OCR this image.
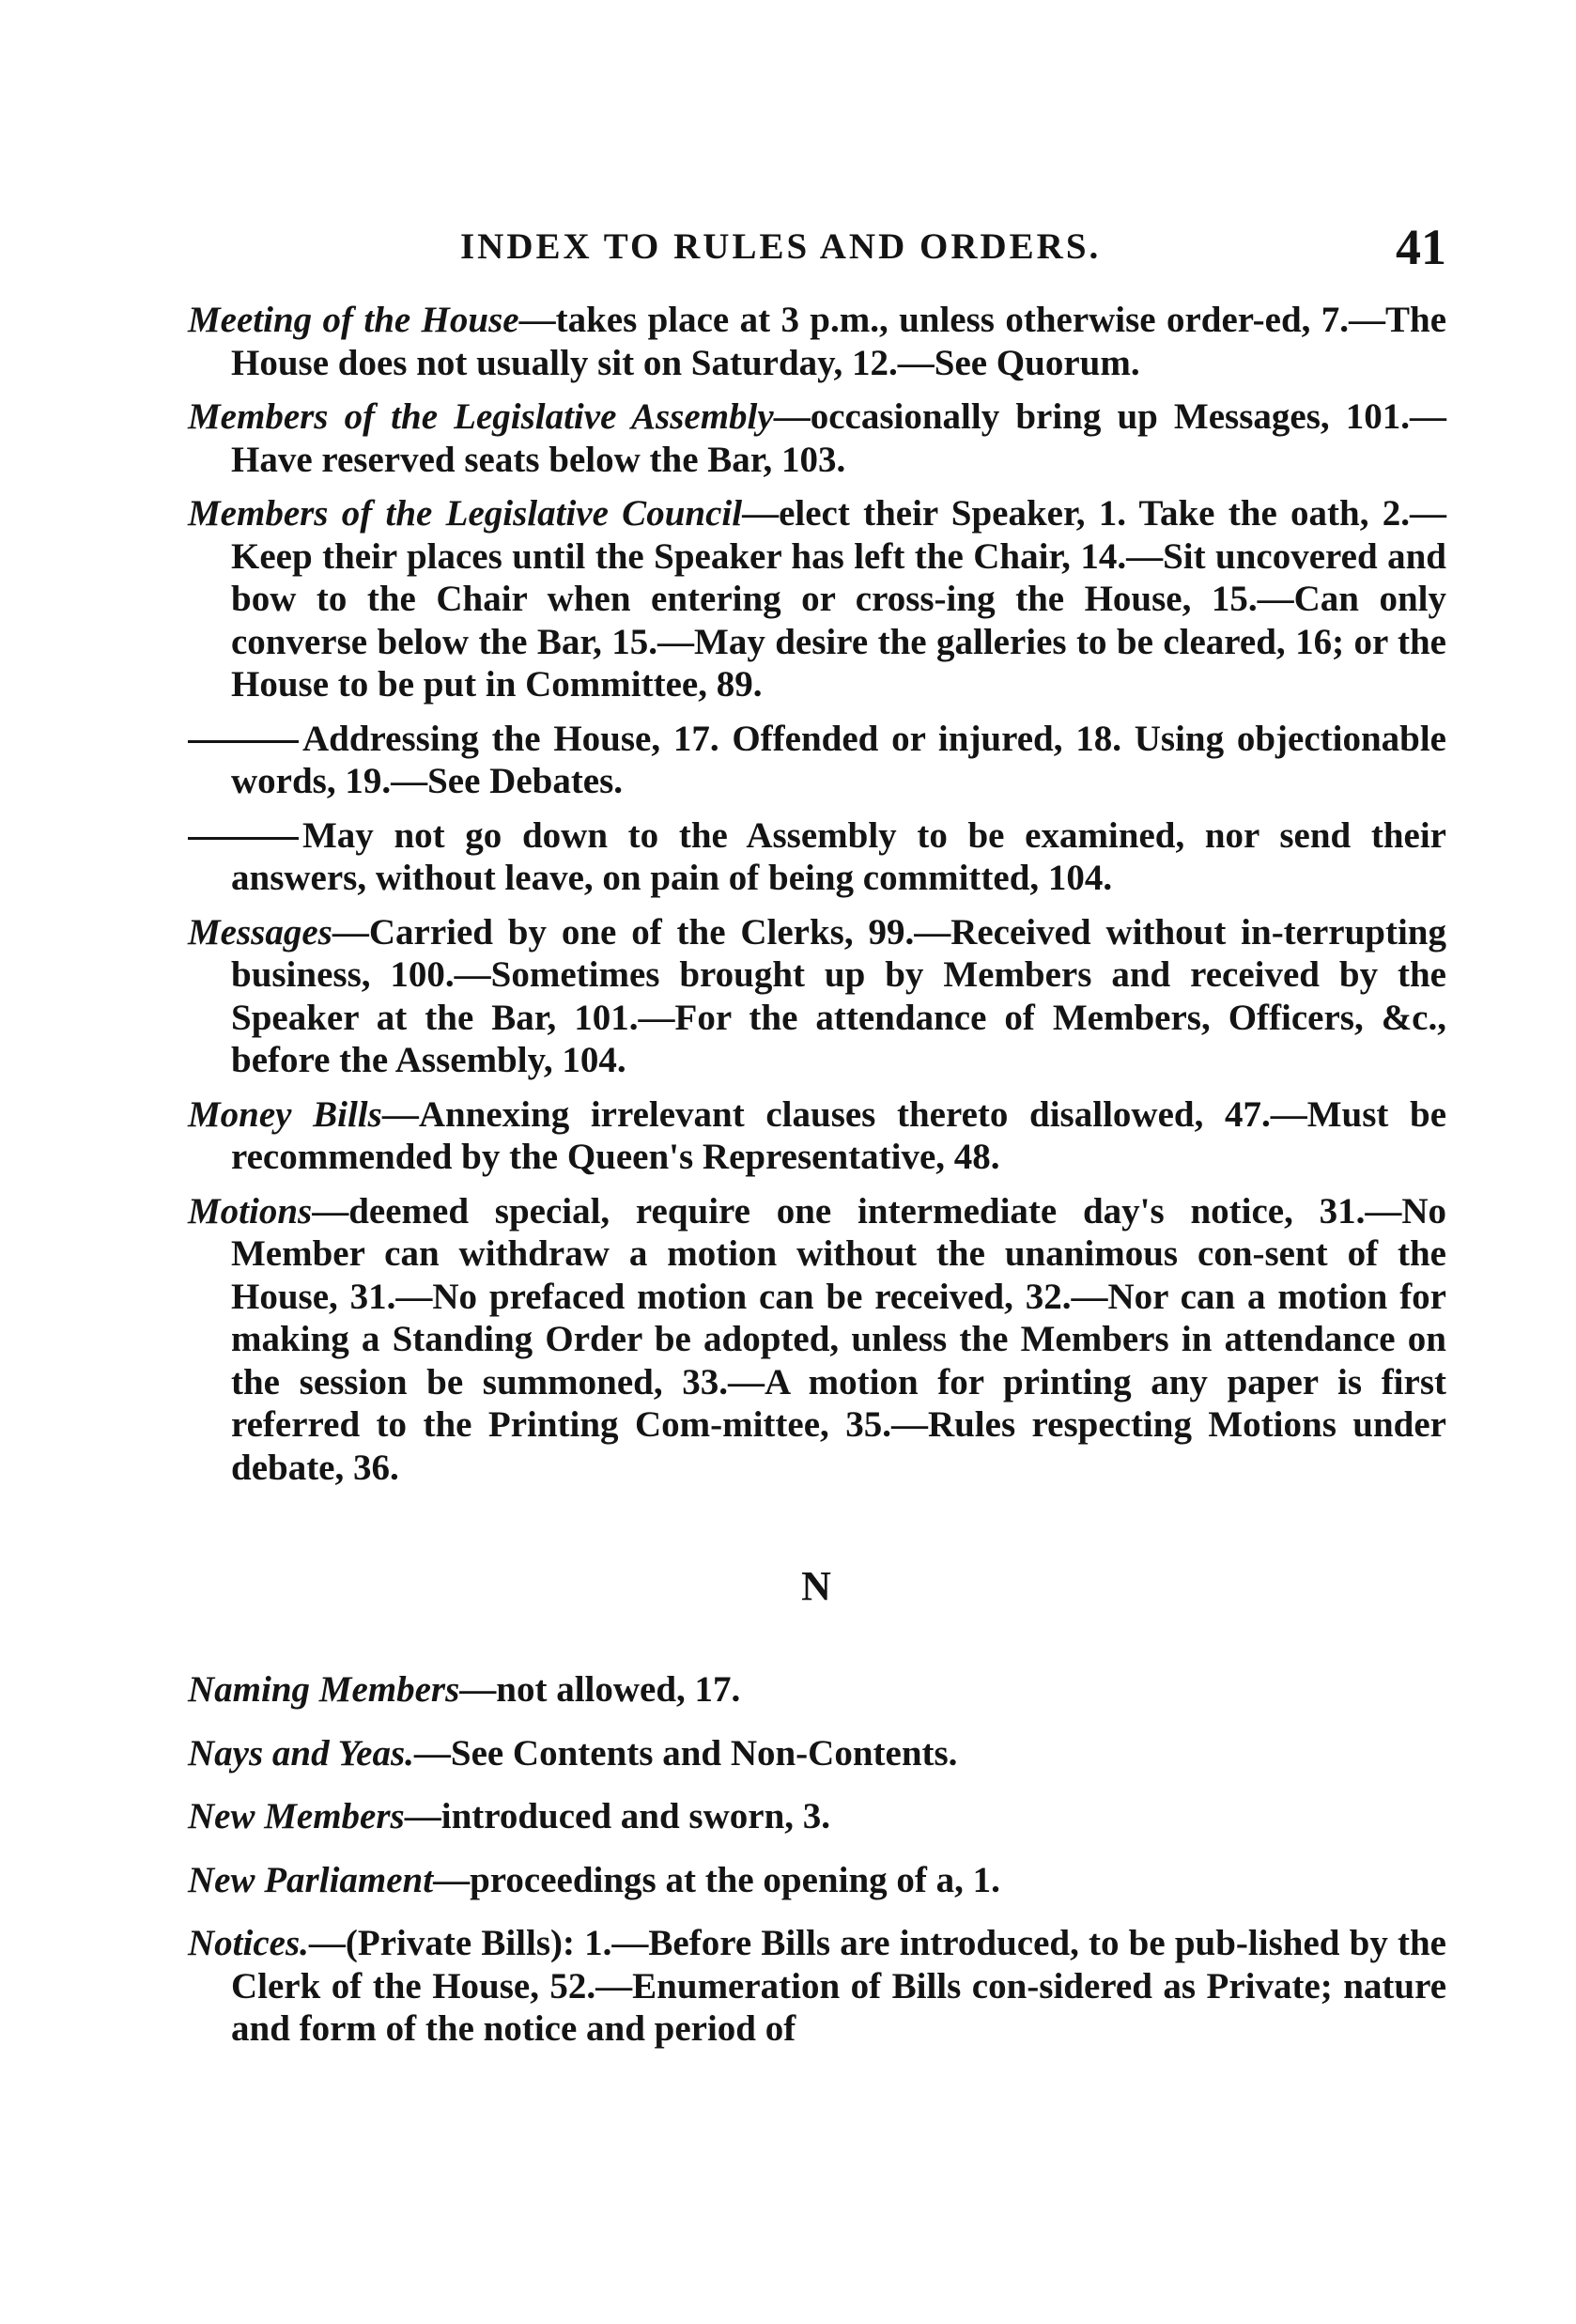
INDEX TO RULES AND ORDERS.	41

Meeting of the House—takes place at 3 p.m., unless otherwise order-ed, 7.—The House does not usually sit on Saturday, 12.—See Quorum.

Members of the Legislative Assembly—occasionally bring up Messages, 101.—Have reserved seats below the Bar, 103.

Members of the Legislative Council—elect their Speaker, 1. Take the oath, 2.—Keep their places until the Speaker has left the Chair, 14.—Sit uncovered and bow to the Chair when entering or cross-ing the House, 15.—Can only converse below the Bar, 15.—May desire the galleries to be cleared, 16; or the House to be put in Committee, 89.

Addressing the House, 17. Offended or injured, 18. Using objectionable words, 19.—See Debates.

May not go down to the Assembly to be examined, nor send their answers, without leave, on pain of being committed, 104.

Messages—Carried by one of the Clerks, 99.—Received without in-terrupting business, 100.—Sometimes brought up by Members and received by the Speaker at the Bar, 101.—For the attendance of Members, Officers, &c., before the Assembly, 104.

Money Bills—Annexing irrelevant clauses thereto disallowed, 47.—Must be recommended by the Queen's Representative, 48.

Motions—deemed special, require one intermediate day's notice, 31.—No Member can withdraw a motion without the unanimous con-sent of the House, 31.—No prefaced motion can be received, 32.—Nor can a motion for making a Standing Order be adopted, unless the Members in attendance on the session be summoned, 33.—A motion for printing any paper is first referred to the Printing Com-mittee, 35.—Rules respecting Motions under debate, 36.

N

Naming Members—not allowed, 17.

Nays and Yeas.—See Contents and Non-Contents.

New Members—introduced and sworn, 3.

New Parliament—proceedings at the opening of a, 1.

Notices.—(Private Bills): 1.—Before Bills are introduced, to be pub-lished by the Clerk of the House, 52.—Enumeration of Bills con-sidered as Private; nature and form of the notice and period of
